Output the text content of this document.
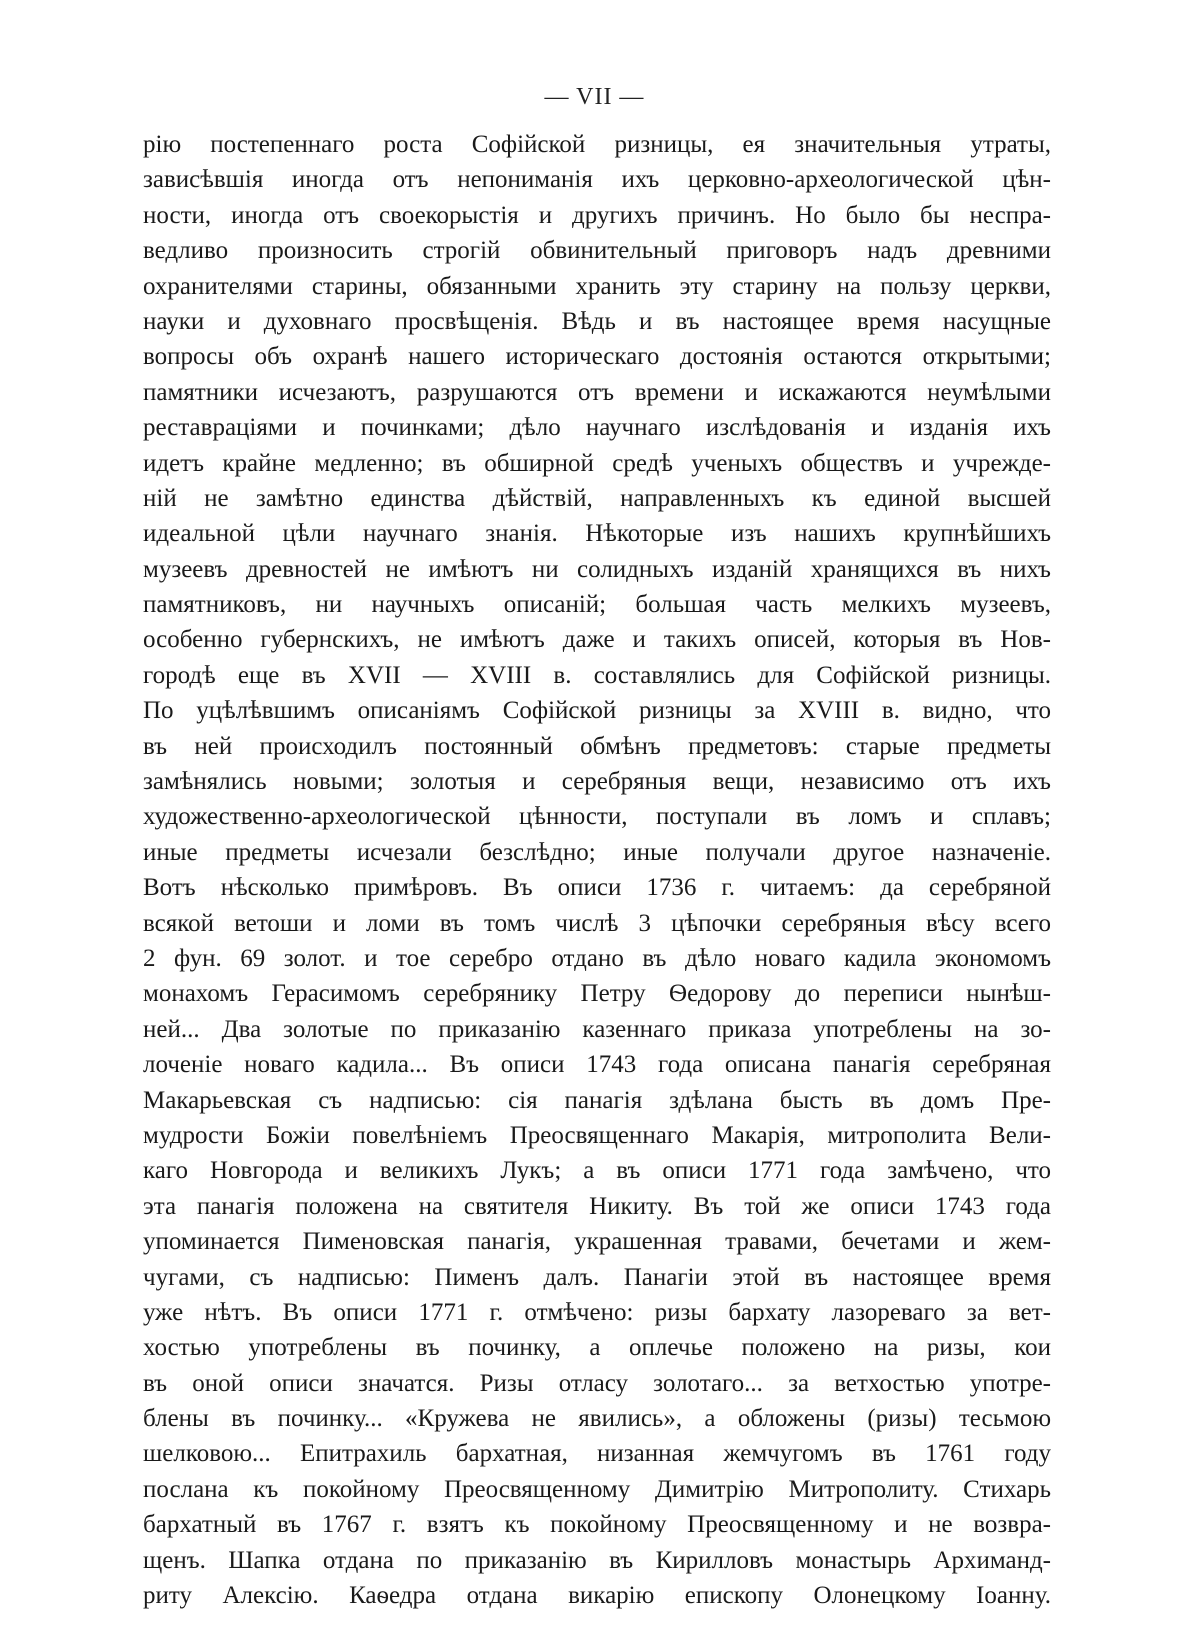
— VII —
рію постепеннаго роста Софійской ризницы, ея значительныя утраты,
зависѣвшія иногда отъ непониманія ихъ церковно-археологической цѣн-
ности, иногда отъ своекорыстія и другихъ причинъ. Но было бы неспра-
ведливо произносить строгій обвинительный приговоръ надъ древними
охранителями старины, обязанными хранить эту старину на пользу церкви,
науки и духовнаго просвѣщенія. Вѣдь и въ настоящее время насущные
вопросы объ охранѣ нашего историческаго достоянія остаются открытыми;
памятники исчезаютъ, разрушаются отъ времени и искажаются неумѣлыми
реставраціями и починками; дѣло научнаго изслѣдованія и изданія ихъ
идетъ крайне медленно; въ обширной средѣ ученыхъ обществъ и учрежде-
ній не замѣтно единства дѣйствій, направленныхъ къ единой высшей
идеальной цѣли научнаго знанія. Нѣкоторые изъ нашихъ крупнѣйшихъ
музеевъ древностей не имѣютъ ни солидныхъ изданій хранящихся въ нихъ
памятниковъ, ни научныхъ описаній; большая часть мелкихъ музеевъ,
особенно губернскихъ, не имѣютъ даже и такихъ описей, которыя въ Нов-
городѣ еще въ XVII — XVIII в. составлялись для Софійской ризницы.
По уцѣлѣвшимъ описаніямъ Софійской ризницы за XVIII в. видно, что
въ ней происходилъ постоянный обмѣнъ предметовъ: старые предметы
замѣнялись новыми; золотыя и серебряныя вещи, независимо отъ ихъ
художественно-археологической цѣнности, поступали въ ломъ и сплавъ;
иные предметы исчезали безслѣдно; иные получали другое назначеніе.
Вотъ нѣсколько примѣровъ. Въ описи 1736 г. читаемъ: да серебряной
всякой ветоши и ломи въ томъ числѣ 3 цѣпочки серебряныя вѣсу всего
2 фун. 69 золот. и тое серебро отдано въ дѣло новаго кадила экономомъ
монахомъ Герасимомъ серебрянику Петру Ѳедорову до переписи нынѣш-
ней... Два золотые по приказанію казеннаго приказа употреблены на зо-
лоченіе новаго кадила... Въ описи 1743 года описана панагія серебряная
Макарьевская съ надписью: сія панагія здѣлана бысть въ домъ Пре-
мудрости Божіи повелѣніемъ Преосвященнаго Макарія, митрополита Вели-
каго Новгорода и великихъ Лукъ; а въ описи 1771 года замѣчено, что
эта панагія положена на святителя Никиту. Въ той же описи 1743 года
упоминается Пименовская панагія, украшенная травами, бечетами и жем-
чугами, съ надписью: Пименъ далъ. Панагіи этой въ настоящее время
уже нѣтъ. Въ описи 1771 г. отмѣчено: ризы бархату лазореваго за вет-
хостью употреблены въ починку, а оплечье положено на ризы, кои
въ оной описи значатся. Ризы отласу золотаго... за ветхостью употре-
блены въ починку... «Кружева не явились», а обложены (ризы) тесьмою
шелковою... Епитрахиль бархатная, низанная жемчугомъ въ 1761 году
послана къ покойному Преосвященному Димитрію Митрополиту. Стихарь
бархатный въ 1767 г. взятъ къ покойному Преосвященному и не возвра-
щенъ. Шапка отдана по приказанію въ Кирилловъ монастырь Архиманд-
риту Алексію. Каѳедра отдана викарію епископу Олонецкому Іоанну.
